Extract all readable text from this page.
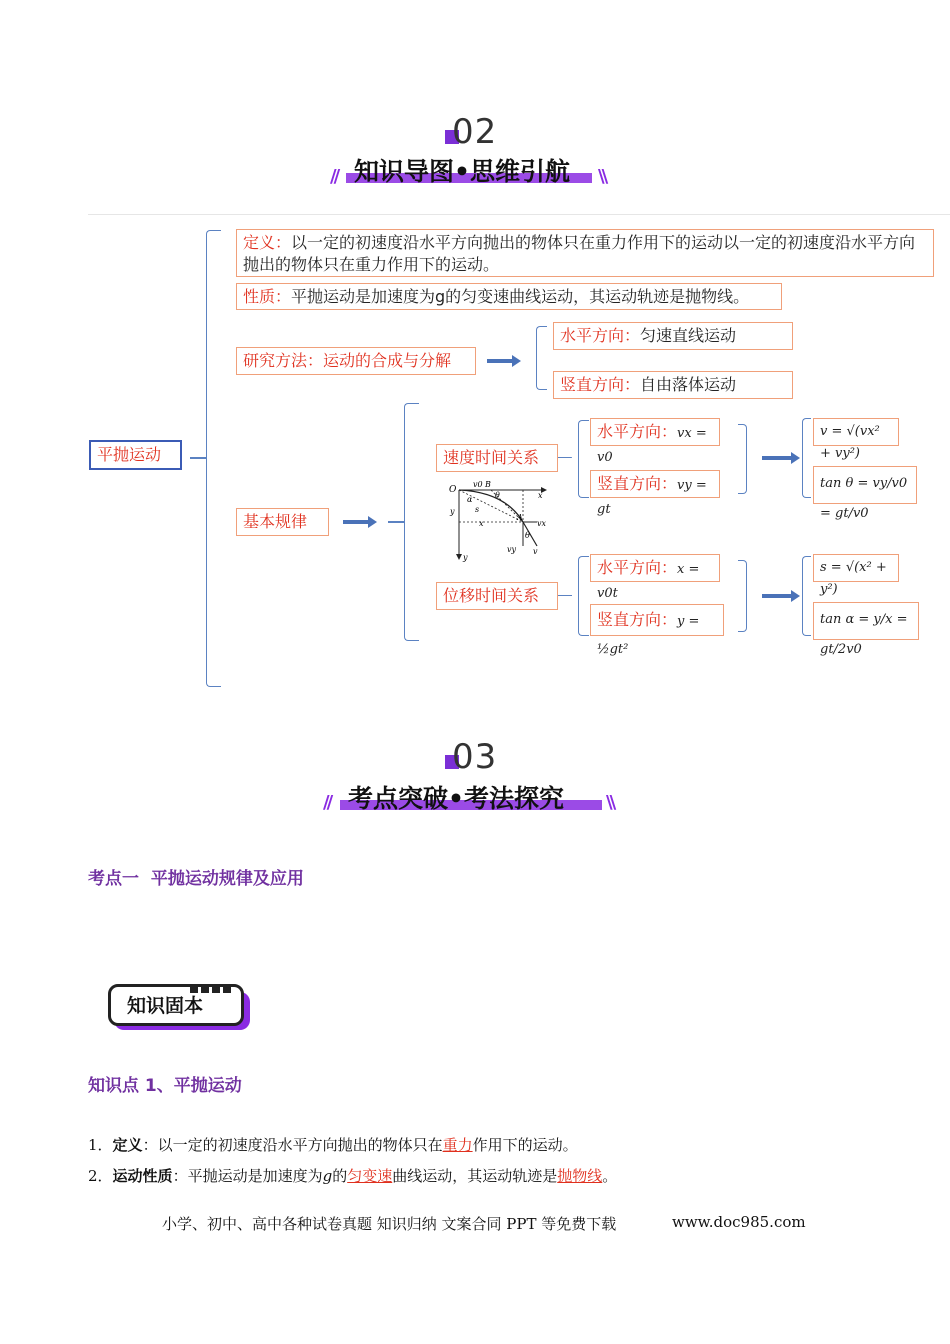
02
// 知识导图•思维引航 \\
平抛运动
定义：以一定的初速度沿水平方向抛出的物体只在重力作用下的运动以一定的初速度沿水平方向抛出的物体只在重力作用下的运动。
性质：平抛运动是加速度为g的匀变速曲线运动，其运动轨迹是抛物线。
研究方法：运动的合成与分解
水平方向：匀速直线运动
竖直方向：自由落体运动
基本规律
速度时间关系
水平方向：vx = v0
竖直方向：vy = gt
v = √(vx² + vy²)
tan θ = vy/v0 = gt/v0
O
v0 B
θ
α
s
x
x
y
y
A
vx
θ
vy v
位移时间关系
水平方向：x = v0t
竖直方向：y = ½gt²
s = √(x² + y²)
tan α = y/x = gt/2v0
03
// 考点突破•考法探究 \\
考点一  平抛运动规律及应用
知识固本
知识点 1、平抛运动
1．定义：以一定的初速度沿水平方向抛出的物体只在重力作用下的运动。
2．运动性质：平抛运动是加速度为g的匀变速曲线运动，其运动轨迹是抛物线。
小学、初中、高中各种试卷真题 知识归纳 文案合同 PPT 等免费下载	www.doc985.com
